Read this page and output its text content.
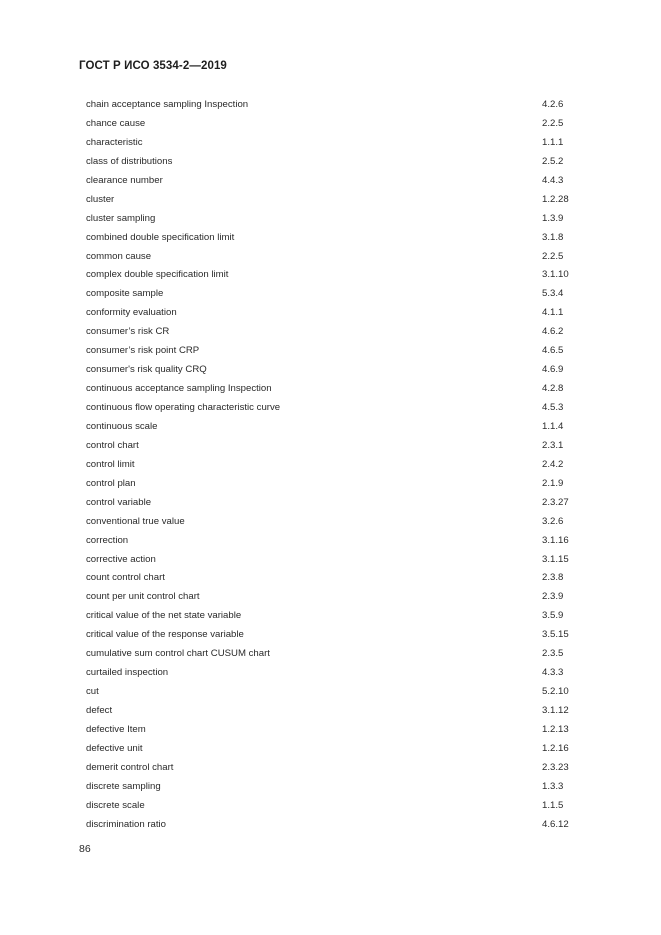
ГОСТ Р ИСО 3534-2—2019
chain acceptance sampling Inspection	4.2.6
chance cause	2.2.5
characteristic	1.1.1
class of distributions	2.5.2
clearance number	4.4.3
cluster	1.2.28
cluster sampling	1.3.9
combined double specification limit	3.1.8
common cause	2.2.5
complex double specification limit	3.1.10
composite sample	5.3.4
conformity evaluation	4.1.1
consumer’s risk CR	4.6.2
consumer’s risk point CRP	4.6.5
consumer's risk quality CRQ	4.6.9
continuous acceptance sampling Inspection	4.2.8
continuous flow operating characteristic curve	4.5.3
continuous scale	1.1.4
control chart	2.3.1
control limit	2.4.2
control plan	2.1.9
control variable	2.3.27
conventional true value	3.2.6
correction	3.1.16
corrective action	3.1.15
count control chart	2.3.8
count per unit control chart	2.3.9
critical value of the net state variable	3.5.9
critical value of the response variable	3.5.15
cumulative sum control chart CUSUM chart	2.3.5
curtailed inspection	4.3.3
cut	5.2.10
defect	3.1.12
defective Item	1.2.13
defective unit	1.2.16
demerit control chart	2.3.23
discrete sampling	1.3.3
discrete scale	1.1.5
discrimination ratio	4.6.12
86
